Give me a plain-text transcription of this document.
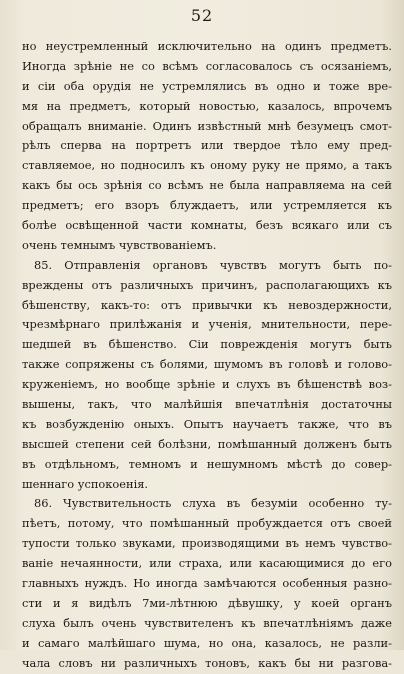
52
но неустремленный исключительно на одинъ предметъ.
Иногда зрѣніе не со всѣмъ согласовалось съ осязаніемъ,
и сіи оба орудія не устремлялись въ одно и тоже вре-
мя на предметъ, который новостью, казалось, впрочемъ
обращалъ вниманіе. Одинъ извѣстный мнѣ безумецъ смот-
рѣлъ сперва на портретъ или твердое тѣло ему пред-
ставляемое, но подносилъ къ оному руку не прямо, а такъ
какъ бы ось зрѣнія со всѣмъ не была направляема на сей
предметъ; его взоръ блуждаетъ, или устремляется къ
болѣе освѣщенной части комнаты, безъ всякаго или съ
очень темнымъ чувствованіемъ.
85. Отправленія органовъ чувствъ могутъ быть по-
вреждены отъ различныхъ причинъ, располагающихъ къ
бѣшенству, какъ-то: отъ привычки къ невоздержности,
чрезмѣрнаго прилѣжанія и ученія, мнительности, пере-
шедшей въ бѣшенство. Сіи поврежденія могутъ быть
также сопряжены съ болями, шумомъ въ головѣ и голово-
круженіемъ, но вообще зрѣніе и слухъ въ бѣшенствѣ воз-
вышены, такъ, что малѣйшія впечатлѣнія достаточны
къ возбужденію оныхъ. Опытъ научаетъ также, что въ
высшей степени сей болѣзни, помѣшанный долженъ быть
въ отдѣльномъ, темномъ и нешумномъ мѣстѣ до совер-
шеннаго успокоенія.
86. Чувствительность слуха въ безуміи особенно ту-
пѣетъ, потому, что помѣшанный пробуждается отъ своей
тупости только звуками, производящими въ немъ чувство-
ваніе нечаянности, или страха, или касающимися до его
главныхъ нуждъ. Но иногда замѣчаются особенныя разно-
сти и я видѣлъ 7ми-лѣтнюю дѣвушку, у коей органъ
слуха былъ очень чувствителенъ къ впечатлѣніямъ даже
и самаго малѣйшаго шума, но она, казалось, не разли-
чала словъ ни различныхъ тоновъ, какъ бы ни разгова-
